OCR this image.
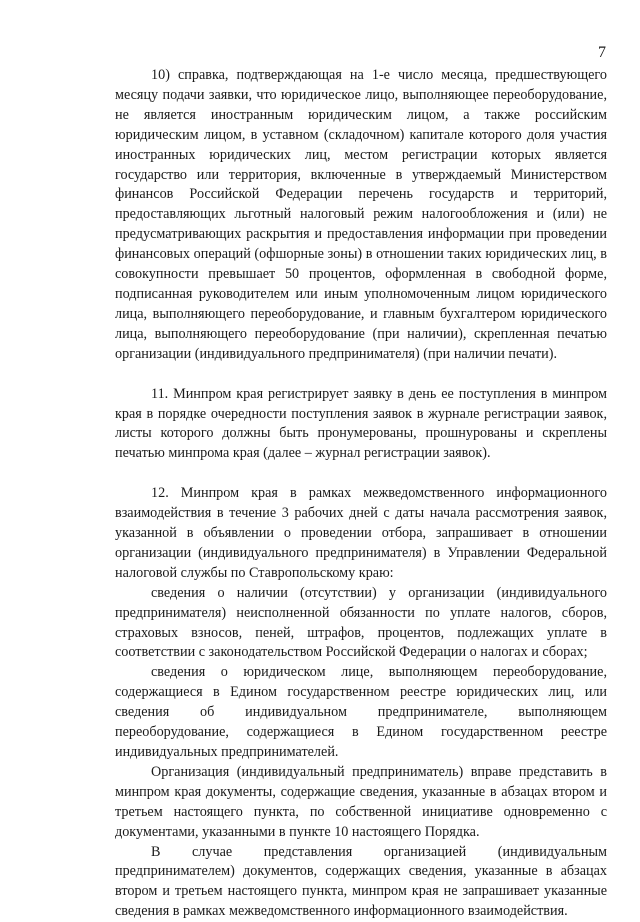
7

10) справка, подтверждающая на 1-е число месяца, предшествующего месяцу подачи заявки, что юридическое лицо, выполняющее переоборудование, не является иностранным юридическим лицом, а также российским юридическим лицом, в уставном (складочном) капитале которого доля участия иностранных юридических лиц, местом регистрации которых является государство или территория, включенные в утверждаемый Министерством финансов Российской Федерации перечень государств и территорий, предоставляющих льготный налоговый режим налогообложения и (или) не предусматривающих раскрытия и предоставления информации при проведении финансовых операций (офшорные зоны) в отношении таких юридических лиц, в совокупности превышает 50 процентов, оформленная в свободной форме, подписанная руководителем или иным уполномоченным лицом юридического лица, выполняющего переоборудование, и главным бухгалтером юридического лица, выполняющего переоборудование (при наличии), скрепленная печатью организации (индивидуального предпринимателя) (при наличии печати).

11. Минпром края регистрирует заявку в день ее поступления в минпром края в порядке очередности поступления заявок в журнале регистрации заявок, листы которого должны быть пронумерованы, прошнурованы и скреплены печатью минпрома края (далее – журнал регистрации заявок).

12. Минпром края в рамках межведомственного информационного взаимодействия в течение 3 рабочих дней с даты начала рассмотрения заявок, указанной в объявлении о проведении отбора, запрашивает в отношении организации (индивидуального предпринимателя) в Управлении Федеральной налоговой службы по Ставропольскому краю:

сведения о наличии (отсутствии) у организации (индивидуального предпринимателя) неисполненной обязанности по уплате налогов, сборов, страховых взносов, пеней, штрафов, процентов, подлежащих уплате в соответствии с законодательством Российской Федерации о налогах и сборах;

сведения о юридическом лице, выполняющем переоборудование, содержащиеся в Едином государственном реестре юридических лиц, или сведения об индивидуальном предпринимателе, выполняющем переоборудование, содержащиеся в Едином государственном реестре индивидуальных предпринимателей.

Организация (индивидуальный предприниматель) вправе представить в минпром края документы, содержащие сведения, указанные в абзацах втором и третьем настоящего пункта, по собственной инициативе одновременно с документами, указанными в пункте 10 настоящего Порядка.

В случае представления организацией (индивидуальным предпринимателем) документов, содержащих сведения, указанные в абзацах втором и третьем настоящего пункта, минпром края не запрашивает указанные сведения в рамках межведомственного информационного взаимодействия.
